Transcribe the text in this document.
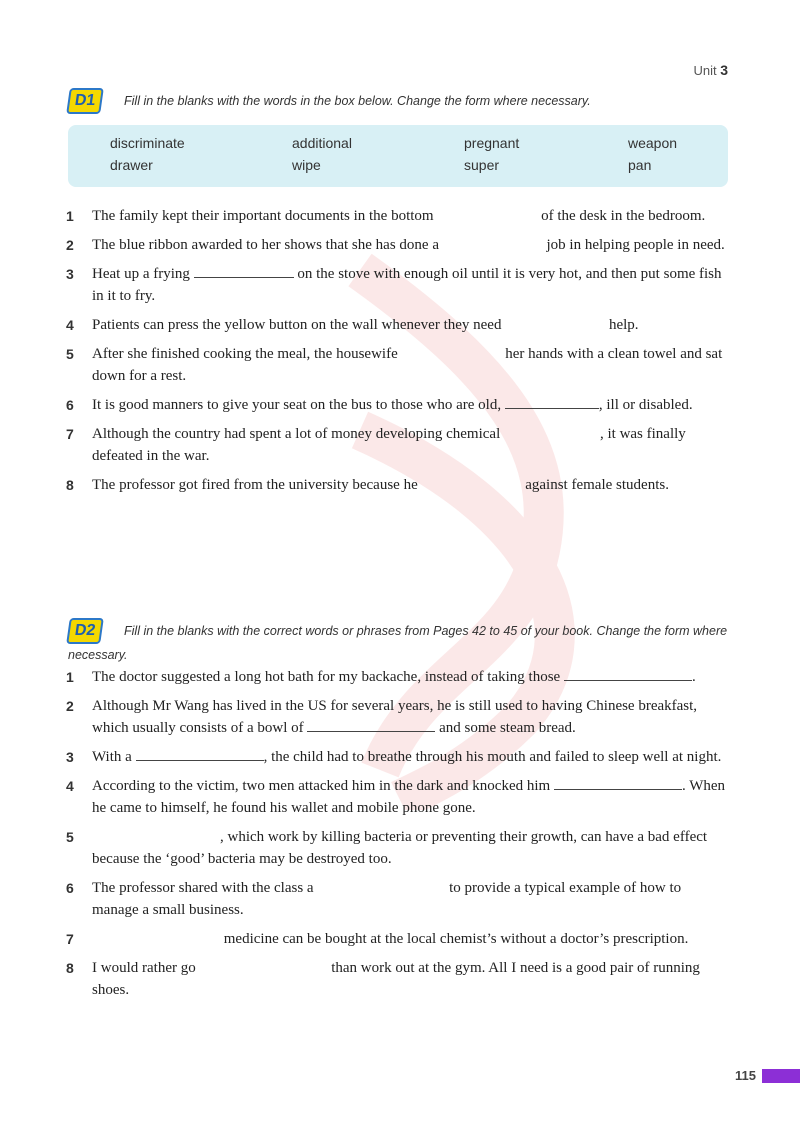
Unit 3
D1 Fill in the blanks with the words in the box below. Change the form where necessary.
discriminate	additional	pregnant	weapon
drawer	wipe	super	pan
1	The family kept their important documents in the bottom	of the desk in the bedroom.
2	The blue ribbon awarded to her shows that she has done a	job in helping people in need.
3	Heat up a frying	on the stove with enough oil until it is very hot, and then put some fish in it to fry.
4	Patients can press the yellow button on the wall whenever they need	help.
5	After she finished cooking the meal, the housewife	her hands with a clean towel and sat down for a rest.
6	It is good manners to give your seat on the bus to those who are old,	, ill or disabled.
7	Although the country had spent a lot of money developing chemical	, it was finally defeated in the war.
8	The professor got fired from the university because he	against female students.
D2 Fill in the blanks with the correct words or phrases from Pages 42 to 45 of your book. Change the form where necessary.
1	The doctor suggested a long hot bath for my backache, instead of taking those	.
2	Although Mr Wang has lived in the US for several years, he is still used to having Chinese breakfast, which usually consists of a bowl of	and some steam bread.
3	With a	, the child had to breathe through his mouth and failed to sleep well at night.
4	According to the victim, two men attacked him in the dark and knocked him	. When he came to himself, he found his wallet and mobile phone gone.
5	, which work by killing bacteria or preventing their growth, can have a bad effect because the ‘good’ bacteria may be destroyed too.
6	The professor shared with the class a	to provide a typical example of how to manage a small business.
7	medicine can be bought at the local chemist’s without a doctor’s prescription.
8	I would rather go	than work out at the gym. All I need is a good pair of running shoes.
115
